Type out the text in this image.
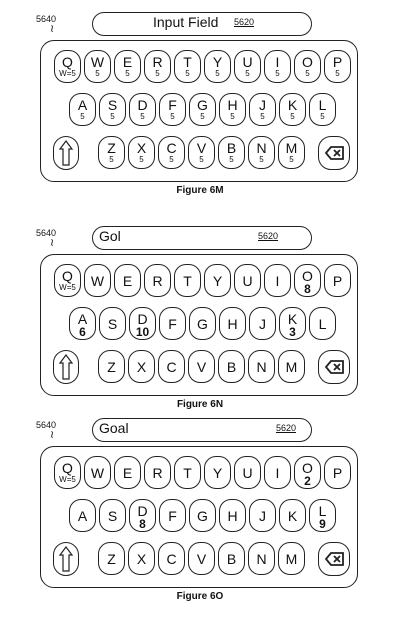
5640
≀	Input Field 5620
Q
W=5
W
5
E
5
R
5
T
5
Y
5
U
5
I
5
O
5
P
5
A
5
S
5
D
5
F
5
G
5
H
5
J
5
K
5
L
5
Z
5
X
5
C
5
V
5
B
5
N
5
M
5
Figure 6M
5640
≀	Gol	5620
Q
W=5	W	E	R	T	Y	U	I	O
8	P
A
6	S	D
10	F	G	H	J	K
3	L
Z	X	C	V	B	N	M
Figure 6N
5640
≀	Goal	5620
Q
W=5	W	E	R	T	Y	U	I	O
2	P
A	S	D
8	F	G	H	J	K	L
9
Z	X	C	V	B	N	M
Figure 6O
